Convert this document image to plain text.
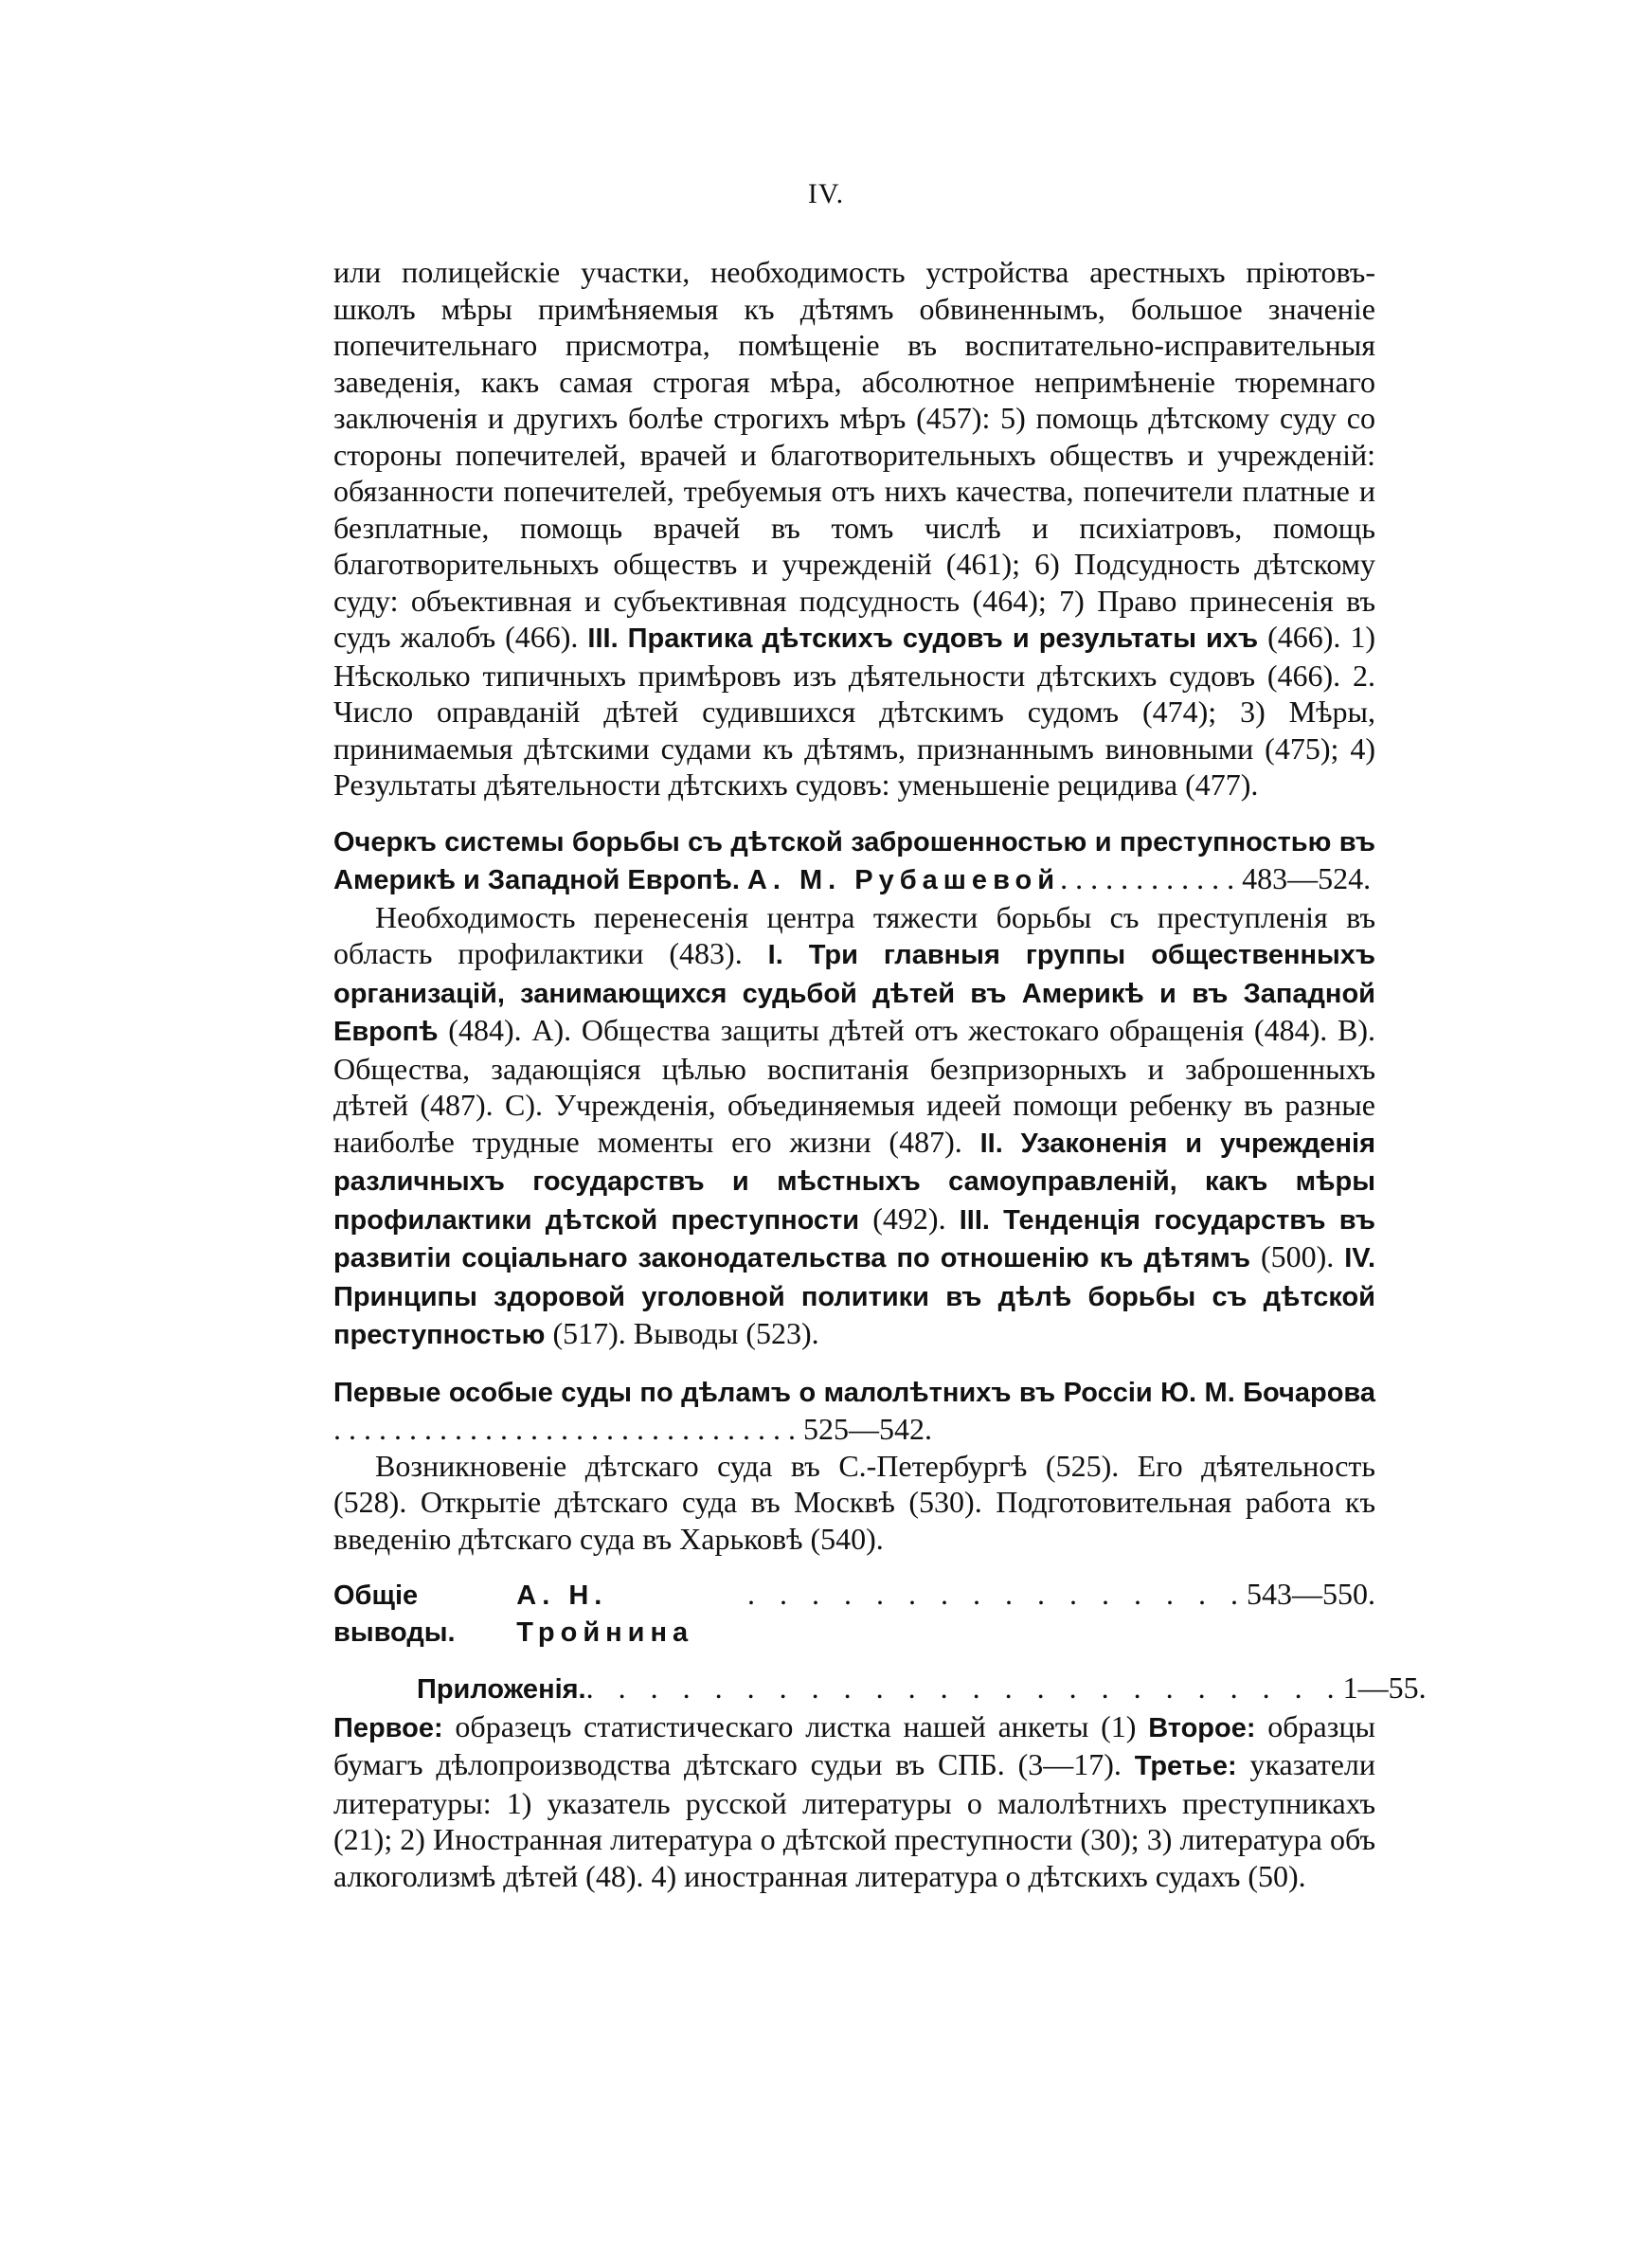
IV.

или полицейскiе участки, необходимость устройства арестныхъ прiютовъ-школъ мѣры примѣняемыя къ дѣтямъ обвиненнымъ, большое значенiе попечительнаго присмотра, помѣщенiе въ воспитательно-исправительныя заведенiя, какъ самая строгая мѣра, абсолютное непримѣненiе тюремнаго заключенiя и другихъ болѣе строгихъ мѣръ (457): 5) помощь дѣтскому суду со стороны попечителей, врачей и благотворительныхъ обществъ и учрежденiй: обязанности попечителей, требуемыя отъ нихъ качества, попечители платные и безплатные, помощь врачей въ томъ числѣ и психiатровъ, помощь благотворительныхъ обществъ и учрежденiй (461); 6) Подсудность дѣтскому суду: объективная и субъективная подсудность (464); 7) Право принесенiя въ судъ жалобъ (466). III. Практика дѣтскихъ судовъ и результаты ихъ (466). 1) Нѣсколько типичныхъ примѣровъ изъ дѣятельности дѣтскихъ судовъ (466). 2. Число оправданiй дѣтей судившихся дѣтскимъ судомъ (474); 3) Мѣры, принимаемыя дѣтскими судами къ дѣтямъ, признаннымъ виновными (475); 4) Результаты дѣятельности дѣтскихъ судовъ: уменьшенiе рецидива (477).

Очеркъ системы борьбы съ дѣтской заброшенностью и преступностью въ Америкѣ и Западной Европѣ. А. М. Рубашевой. . . . . . . . . . . . 483—524.

Необходимость перенесенiя центра тяжести борьбы съ преступленiя въ область профилактики (483). I. Три главныя группы общественныхъ организацiй, занимающихся судьбой дѣтей въ Америкѣ и въ Западной Европѣ (484). А). Общества защиты дѣтей отъ жестокаго обращенiя (484). В). Общества, задающiяся цѣлью воспитанiя безпризорныхъ и заброшенныхъ дѣтей (487). С). Учрежденiя, объединяемыя идеей помощи ребенку въ разные наиболѣе трудные моменты его жизни (487). II. Узаконенiя и учрежденiя различныхъ государствъ и мѣстныхъ самоуправленiй, какъ мѣры профилактики дѣтской преступности (492). III. Тенденцiя государствъ въ развитiи соцiальнаго законодательства по отношенiю къ дѣтямъ (500). IV. Принципы здоровой уголовной политики въ дѣлѣ борьбы съ дѣтской преступностью (517). Выводы (523).

Первые особые суды по дѣламъ о малолѣтнихъ въ Россiи Ю. М. Бочарова . . . . . . . . . . . . . . . . . . . . . . . . . . . . . . . 525—542.

Возникновенiе дѣтскаго суда въ С.-Петербургѣ (525). Его дѣятельность (528). Открытiе дѣтскаго суда въ Москвѣ (530). Подготовительная работа къ введенiю дѣтскаго суда въ Харьковѣ (540).

Общiе выводы.

А. Н. Тройнина
. . . . . . . . . . . . . . . . 543—550.
Приложенiя. . . . . . . . . . . . . . . . . . . . . . . . . 1—55.

Первое: образецъ статистическаго листка нашей анкеты (1) Второе: образцы бумагъ дѣлопроизводства дѣтскаго судьи въ СПБ. (3—17). Третье: указатели литературы: 1) указатель русской литературы о малолѣтнихъ преступникахъ (21); 2) Иностранная литература о дѣтской преступности (30); 3) литература объ алкоголизмѣ дѣтей (48). 4) иностранная литература о дѣтскихъ судахъ (50).
